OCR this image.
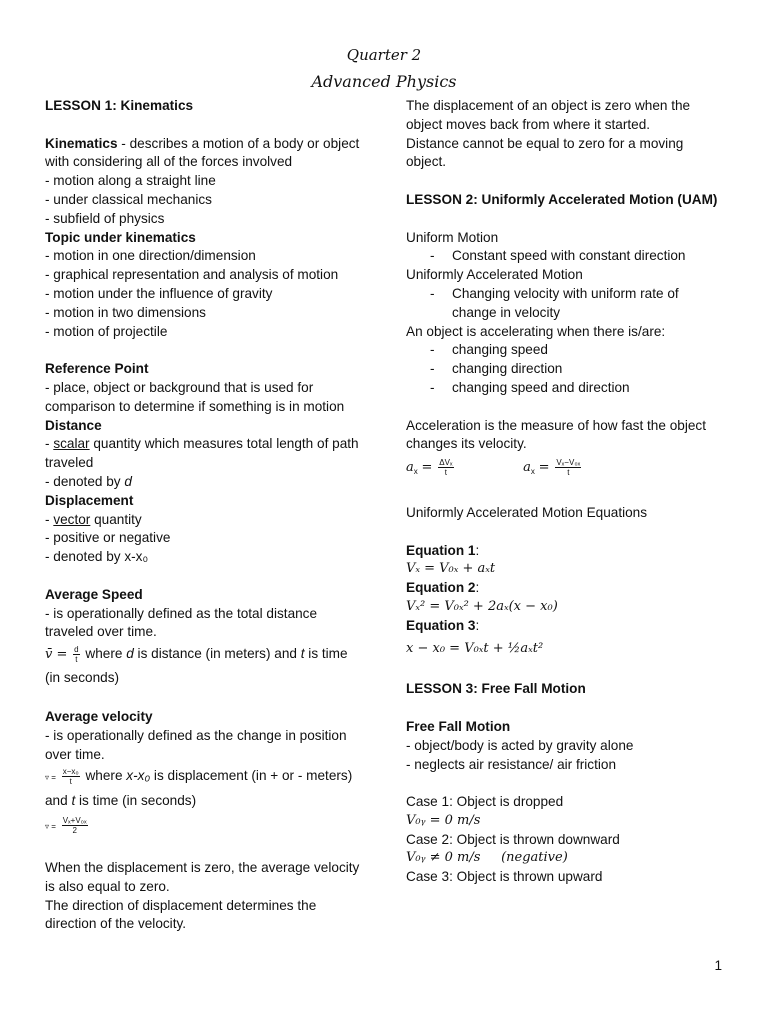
Quarter 2
Advanced Physics
LESSON 1: Kinematics
Kinematics - describes a motion of a body or object with considering all of the forces involved
- motion along a straight line
- under classical mechanics
- subfield of physics
Topic under kinematics
- motion in one direction/dimension
- graphical representation and analysis of motion
- motion under the influence of gravity
- motion in two dimensions
- motion of projectile
Reference Point
- place, object or background that is used for comparison to determine if something is in motion
Distance
- scalar quantity which measures total length of path traveled
- denoted by d
Displacement
- vector quantity
- positive or negative
- denoted by x-x₀
Average Speed
- is operationally defined as the total distance traveled over time.
v̄ = $\frac{d}{t}$ where d is distance (in meters) and t is time (in seconds)
Average velocity
- is operationally defined as the change in position over time.
▿ = $\frac{\text{x−x₀}}{t}$ where x-x₀ is displacement (in + or - meters) and t is time (in seconds)
▿ = $\frac{\text{Vₓ+V₀ₓ}}{2}$
When the displacement is zero, the average velocity is also equal to zero.
The direction of displacement determines the direction of the velocity.
The displacement of an object is zero when the object moves back from where it started.
Distance cannot be equal to zero for a moving object.
LESSON 2: Uniformly Accelerated Motion (UAM)
Uniform Motion
- Constant speed with constant direction
Uniformly Accelerated Motion
- Changing velocity with uniform rate of change in velocity
An object is accelerating when there is/are:
- changing speed
- changing direction
- changing speed and direction
Acceleration is the measure of how fast the object changes its velocity.
$a_x = \frac{\text{ΔVₓ}}{t}$	$a_x = \frac{\text{Vₓ−V₀ₓ}}{t}$
Uniformly Accelerated Motion Equations
Equation 1:
Vₓ = V₀ₓ + aₓt
Equation 2:
Vₓ² = V₀ₓ² + 2aₓ(x − x₀)
Equation 3:
x − x₀ = V₀ₓt + ½aₓt²
LESSON 3: Free Fall Motion
Free Fall Motion
- object/body is acted by gravity alone
- neglects air resistance/ air friction
Case 1: Object is dropped
V₀ᵧ = 0 m/s
Case 2: Object is thrown downward
V₀ᵧ ≠ 0 m/s     (negative)
Case 3: Object is thrown upward
1
